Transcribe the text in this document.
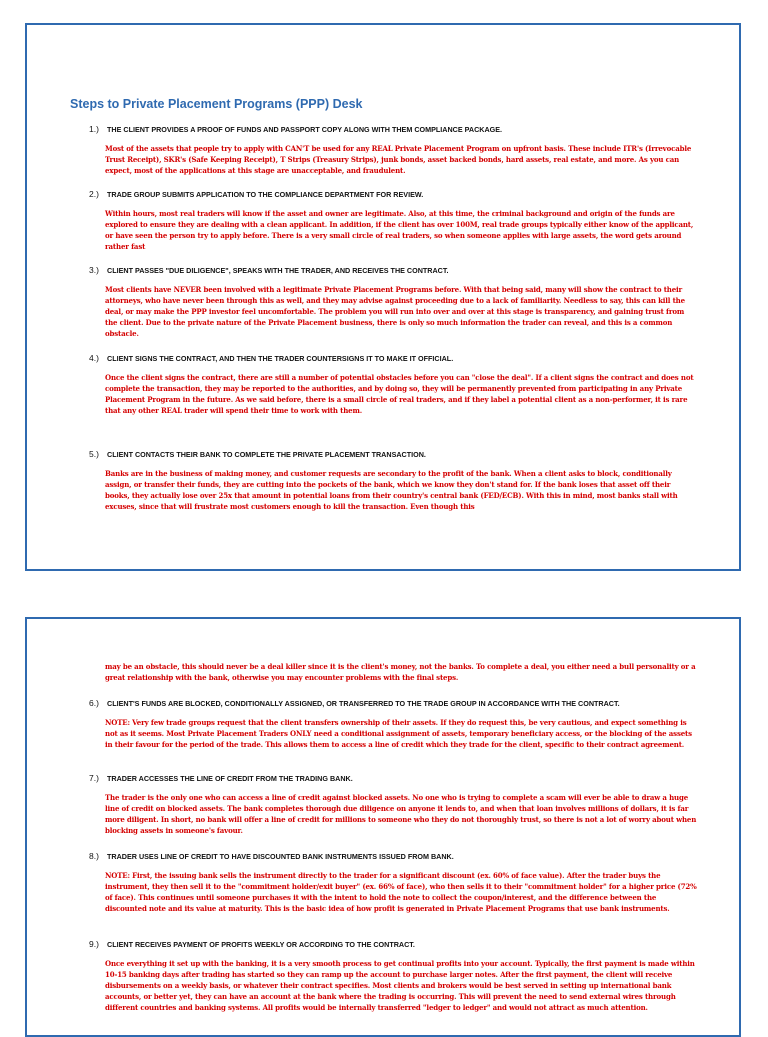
Steps to Private Placement Programs (PPP) Desk
1.) THE CLIENT PROVIDES A PROOF OF FUNDS AND PASSPORT COPY ALONG WITH THEM COMPLIANCE PACKAGE.
Most of the assets that people try to apply with CAN'T be used for any REAL Private Placement Program on upfront basis. These include ITR's (Irrevocable Trust Receipt), SKR's (Safe Keeping Receipt), T Strips (Treasury Strips), junk bonds, asset backed bonds, hard assets, real estate, and more. As you can expect, most of the applications at this stage are unacceptable, and fraudulent.
2.) TRADE GROUP SUBMITS APPLICATION TO THE COMPLIANCE DEPARTMENT FOR REVIEW.
Within hours, most real traders will know if the asset and owner are legitimate. Also, at this time, the criminal background and origin of the funds are explored to ensure they are dealing with a clean applicant. In addition, if the client has over 100M, real trade groups typically either know of the applicant, or have seen the person try to apply before. There is a very small circle of real traders, so when someone applies with large assets, the word gets around rather fast
3.) CLIENT PASSES "DUE DILIGENCE", SPEAKS WITH THE TRADER, AND RECEIVES THE CONTRACT.
Most clients have NEVER been involved with a legitimate Private Placement Programs before. With that being said, many will show the contract to their attorneys, who have never been through this as well, and they may advise against proceeding due to a lack of familiarity. Needless to say, this can kill the deal, or may make the PPP investor feel uncomfortable. The problem you will run into over and over at this stage is transparency, and gaining trust from the client. Due to the private nature of the Private Placement business, there is only so much information the trader can reveal, and this is a common obstacle.
4.) CLIENT SIGNS THE CONTRACT, AND THEN THE TRADER COUNTERSIGNS IT TO MAKE IT OFFICIAL.
Once the client signs the contract, there are still a number of potential obstacles before you can "close the deal". If a client signs the contract and does not complete the transaction, they may be reported to the authorities, and by doing so, they will be permanently prevented from participating in any Private Placement Program in the future. As we said before, there is a small circle of real traders, and if they label a potential client as a non-performer, it is rare that any other REAL trader will spend their time to work with them.
5.) CLIENT CONTACTS THEIR BANK TO COMPLETE THE PRIVATE PLACEMENT TRANSACTION.
Banks are in the business of making money, and customer requests are secondary to the profit of the bank. When a client asks to block, conditionally assign, or transfer their funds, they are cutting into the pockets of the bank, which we know they don't stand for. If the bank loses that asset off their books, they actually lose over 25x that amount in potential loans from their country's central bank (FED/ECB). With this in mind, most banks stall with excuses, since that will frustrate most customers enough to kill the transaction. Even though this
may be an obstacle, this should never be a deal killer since it is the client's money, not the banks. To complete a deal, you either need a bull personality or a great relationship with the bank, otherwise you may encounter problems with the final steps.
6.) CLIENT'S FUNDS ARE BLOCKED, CONDITIONALLY ASSIGNED, OR TRANSFERRED TO THE TRADE GROUP IN ACCORDANCE WITH THE CONTRACT.
NOTE: Very few trade groups request that the client transfers ownership of their assets. If they do request this, be very cautious, and expect something is not as it seems. Most Private Placement Traders ONLY need a conditional assignment of assets, temporary beneficiary access, or the blocking of the assets in their favour for the period of the trade. This allows them to access a line of credit which they trade for the client, specific to their contract agreement.
7.) TRADER ACCESSES THE LINE OF CREDIT FROM THE TRADING BANK.
The trader is the only one who can access a line of credit against blocked assets. No one who is trying to complete a scam will ever be able to draw a huge line of credit on blocked assets. The bank completes thorough due diligence on anyone it lends to, and when that loan involves millions of dollars, it is far more diligent. In short, no bank will offer a line of credit for millions to someone who they do not thoroughly trust, so there is not a lot of worry about when blocking assets in someone's favour.
8.) TRADER USES LINE OF CREDIT TO HAVE DISCOUNTED BANK INSTRUMENTS ISSUED FROM BANK.
NOTE: First, the issuing bank sells the instrument directly to the trader for a significant discount (ex. 60% of face value). After the trader buys the instrument, they then sell it to the "commitment holder/exit buyer" (ex. 66% of face), who then sells it to their "commitment holder" for a higher price (72% of face). This continues until someone purchases it with the intent to hold the note to collect the coupon/interest, and the difference between the discounted note and its value at maturity. This is the basic idea of how profit is generated in Private Placement Programs that use bank instruments.
9.) CLIENT RECEIVES PAYMENT OF PROFITS WEEKLY OR ACCORDING TO THE CONTRACT.
Once everything it set up with the banking, it is a very smooth process to get continual profits into your account. Typically, the first payment is made within 10-15 banking days after trading has started so they can ramp up the account to purchase larger notes. After the first payment, the client will receive disbursements on a weekly basis, or whatever their contract specifies. Most clients and brokers would be best served in setting up international bank accounts, or better yet, they can have an account at the bank where the trading is occurring. This will prevent the need to send external wires through different countries and banking systems. All profits would be internally transferred "ledger to ledger" and would not attract as much attention.
